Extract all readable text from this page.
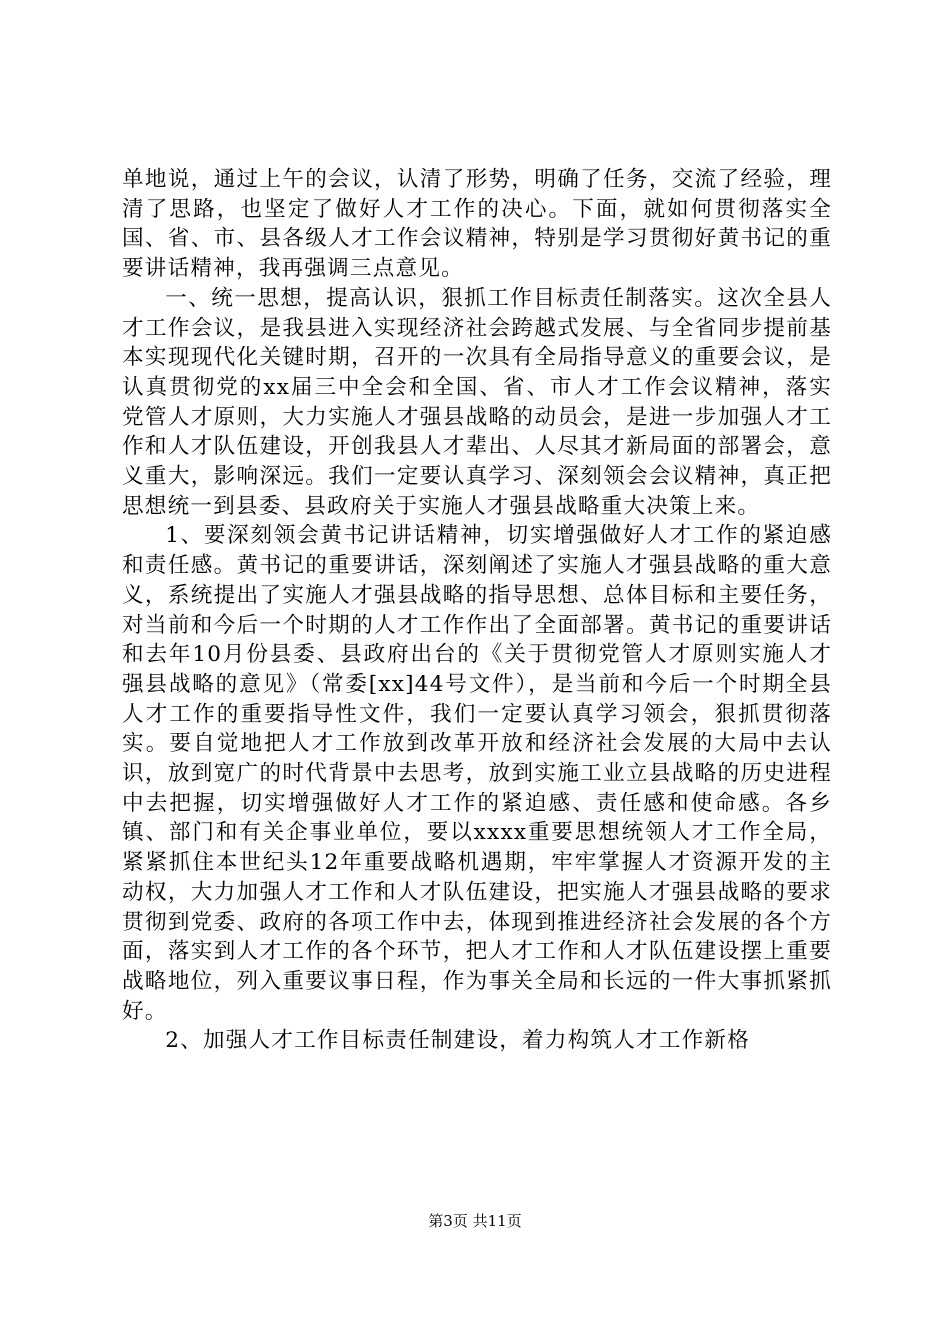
单地说，通过上午的会议，认清了形势，明确了任务，交流了经验，理清了思路，也坚定了做好人才工作的决心。下面，就如何贯彻落实全国、省、市、县各级人才工作会议精神，特别是学习贯彻好黄书记的重要讲话精神，我再强调三点意见。

一、统一思想，提高认识，狠抓工作目标责任制落实。这次全县人才工作会议，是我县进入实现经济社会跨越式发展、与全省同步提前基本实现现代化关键时期，召开的一次具有全局指导意义的重要会议，是认真贯彻党的xx届三中全会和全国、省、市人才工作会议精神，落实党管人才原则，大力实施人才强县战略的动员会，是进一步加强人才工作和人才队伍建设，开创我县人才辈出、人尽其才新局面的部署会，意义重大，影响深远。我们一定要认真学习、深刻领会会议精神，真正把思想统一到县委、县政府关于实施人才强县战略重大决策上来。

1、要深刻领会黄书记讲话精神，切实增强做好人才工作的紧迫感和责任感。黄书记的重要讲话，深刻阐述了实施人才强县战略的重大意义，系统提出了实施人才强县战略的指导思想、总体目标和主要任务，对当前和今后一个时期的人才工作作出了全面部署。黄书记的重要讲话和去年10月份县委、县政府出台的《关于贯彻党管人才原则实施人才强县战略的意见》（常委[xx]44号文件），是当前和今后一个时期全县人才工作的重要指导性文件，我们一定要认真学习领会，狠抓贯彻落实。要自觉地把人才工作放到改革开放和经济社会发展的大局中去认识，放到宽广的时代背景中去思考，放到实施工业立县战略的历史进程中去把握，切实增强做好人才工作的紧迫感、责任感和使命感。各乡镇、部门和有关企事业单位，要以xxxx重要思想统领人才工作全局，紧紧抓住本世纪头12年重要战略机遇期，牢牢掌握人才资源开发的主动权，大力加强人才工作和人才队伍建设，把实施人才强县战略的要求贯彻到党委、政府的各项工作中去，体现到推进经济社会发展的各个方面，落实到人才工作的各个环节，把人才工作和人才队伍建设摆上重要战略地位，列入重要议事日程，作为事关全局和长远的一件大事抓紧抓好。

2、加强人才工作目标责任制建设，着力构筑人才工作新格

第3页 共11页
